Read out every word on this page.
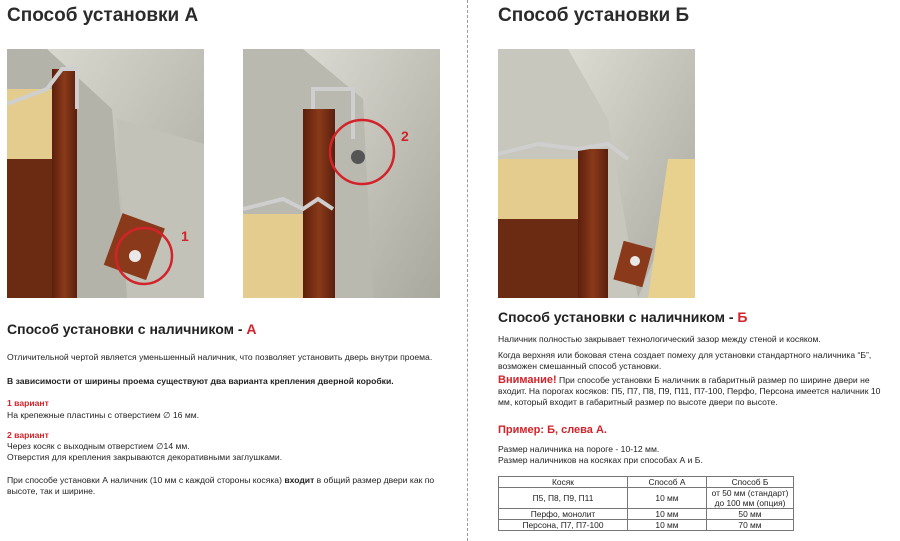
Способ установки А	Способ установки Б
1
2
Способ установки с наличником - А
Отличительной чертой является уменьшенный наличник, что позволяет установить дверь внутри проема.
В зависимости от ширины проема существуют два варианта крепления дверной коробки.
1 вариант
На крепежные пластины с отверстием ∅ 16 мм.
2 вариант
Через косяк с выходным отверстием ∅14 мм.
Отверстия для крепления закрываются декоративными заглушками.
При способе установки А наличник (10 мм с каждой стороны косяка) входит в общий размер двери как по высоте, так и ширине.
Способ установки с наличником - Б
Наличник полностью закрывает технологический зазор между стеной и косяком.
Когда верхняя или боковая стена создает помеху для установки стандартного наличника “Б”, возможен смешанный способ установки.
Внимание! При способе установки Б наличник в габаритный размер по ширине двери не входит. На порогах косяков: П5, П7, П8, П9, П11, П7-100, Перфо, Персона имеется наличник 10 мм, который входит в габаритный размер по высоте двери по высоте.
Пример: Б, слева А.
Размер наличника на пороге - 10-12 мм.
Размер наличников на косяках при способах А и Б.
Косяк	Способ А	Способ Б
П5, П8, П9, П11	10 мм	от 50 мм (стандарт)
до 100 мм (опция)

Перфо, монолит	10 мм	50 мм
Персона, П7, П7-100	10 мм	70 мм
